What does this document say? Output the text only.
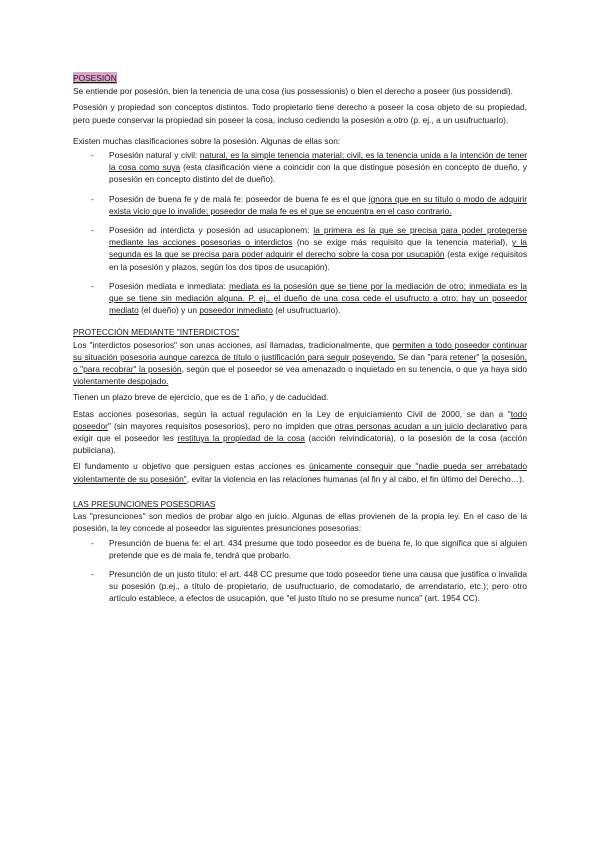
POSESIÓN

Se entiende por posesión, bien la tenencia de una cosa (ius possessionis) o bien el derecho a poseer (ius possidendi).

Posesión y propiedad son conceptos distintos. Todo propietario tiene derecho a poseer la cosa objeto de su propiedad, pero puede conservar la propiedad sin poseer la cosa, incluso cediendo la posesión a otro (p. ej., a un usufructuario).

Existen muchas clasificaciones sobre la posesión. Algunas de ellas son:

- Posesión natural y civil: natural, es la simple tenencia material; civil, es la tenencia unida a la intención de tener la cosa como suya (esta clasificación viene a coincidir con la que distingue posesión en concepto de dueño, y posesión en concepto distinto del de dueño).
- Posesión de buena fe y de mala fe: poseedor de buena fe es el que ignora que en su título o modo de adquirir exista vicio que lo invalide; poseedor de mala fe es el que se encuentra en el caso contrario.
- Posesión ad interdicta y posesión ad usucapionem: la primera es la que se precisa para poder protegerse mediante las acciones posesorias o interdictos (no se exige más requisito que la tenencia material), y la segunda es la que se precisa para poder adquirir el derecho sobre la cosa por usucapión (esta exige requisitos en la posesión y plazos, según los dos tipos de usucapión).
- Posesión mediata e inmediata: mediata es la posesión que se tiene por la mediación de otro; inmediata es la que se tiene sin mediación alguna. P. ej., el dueño de una cosa cede el usufructo a otro; hay un poseedor mediato (el dueño) y un poseedor inmediato (el usufructuario).

PROTECCIÓN MEDIANTE "INTERDICTOS"

Los "interdictos posesorios" son unas acciones, así llamadas, tradicionalmente, que permiten a todo poseedor continuar su situación posesoria aunque carezca de título o justificación para seguir poseyendo. Se dan "para retener" la posesión, o "para recobrar" la posesión, según que el poseedor se vea amenazado o inquietado en su tenencia, o que ya haya sido violentamente despojado.

Tienen un plazo breve de ejercicio, que es de 1 año, y de caducidad.

Estas acciones posesorias, según la actual regulación en la Ley de enjuiciamiento Civil de 2000, se dan a "todo poseedor" (sin mayores requisitos posesorios), pero no impiden que otras personas acudan a un juicio declarativo para exigir que el poseedor les restituya la propiedad de la cosa (acción reivindicatoria), o la posesión de la cosa (acción publiciana).

El fundamento u objetivo que persiguen estas acciones es únicamente conseguir que "nadie pueda ser arrebatado violentamente de su posesión", evitar la violencia en las relaciones humanas (al fin y al cabo, el fin último del Derecho…).

LAS PRESUNCIONES POSESORIAS

Las "presunciones" son medios de probar algo en juicio. Algunas de ellas provienen de la propia ley. En el caso de la posesión, la ley concede al poseedor las siguientes presunciones posesorias:

- Presunción de buena fe: el art. 434 presume que todo poseedor es de buena fe, lo que significa que si alguien pretende que es de mala fe, tendrá que probarlo.
- Presunción de un justo título: el art. 448 CC presume que todo poseedor tiene una causa que justifica o invalida su posesión (p.ej., a título de propietario, de usufructuario, de comodatario, de arrendatario, etc.); pero otro artículo establece, a efectos de usucapión, que "el justo título no se presume nunca" (art. 1954 CC).
